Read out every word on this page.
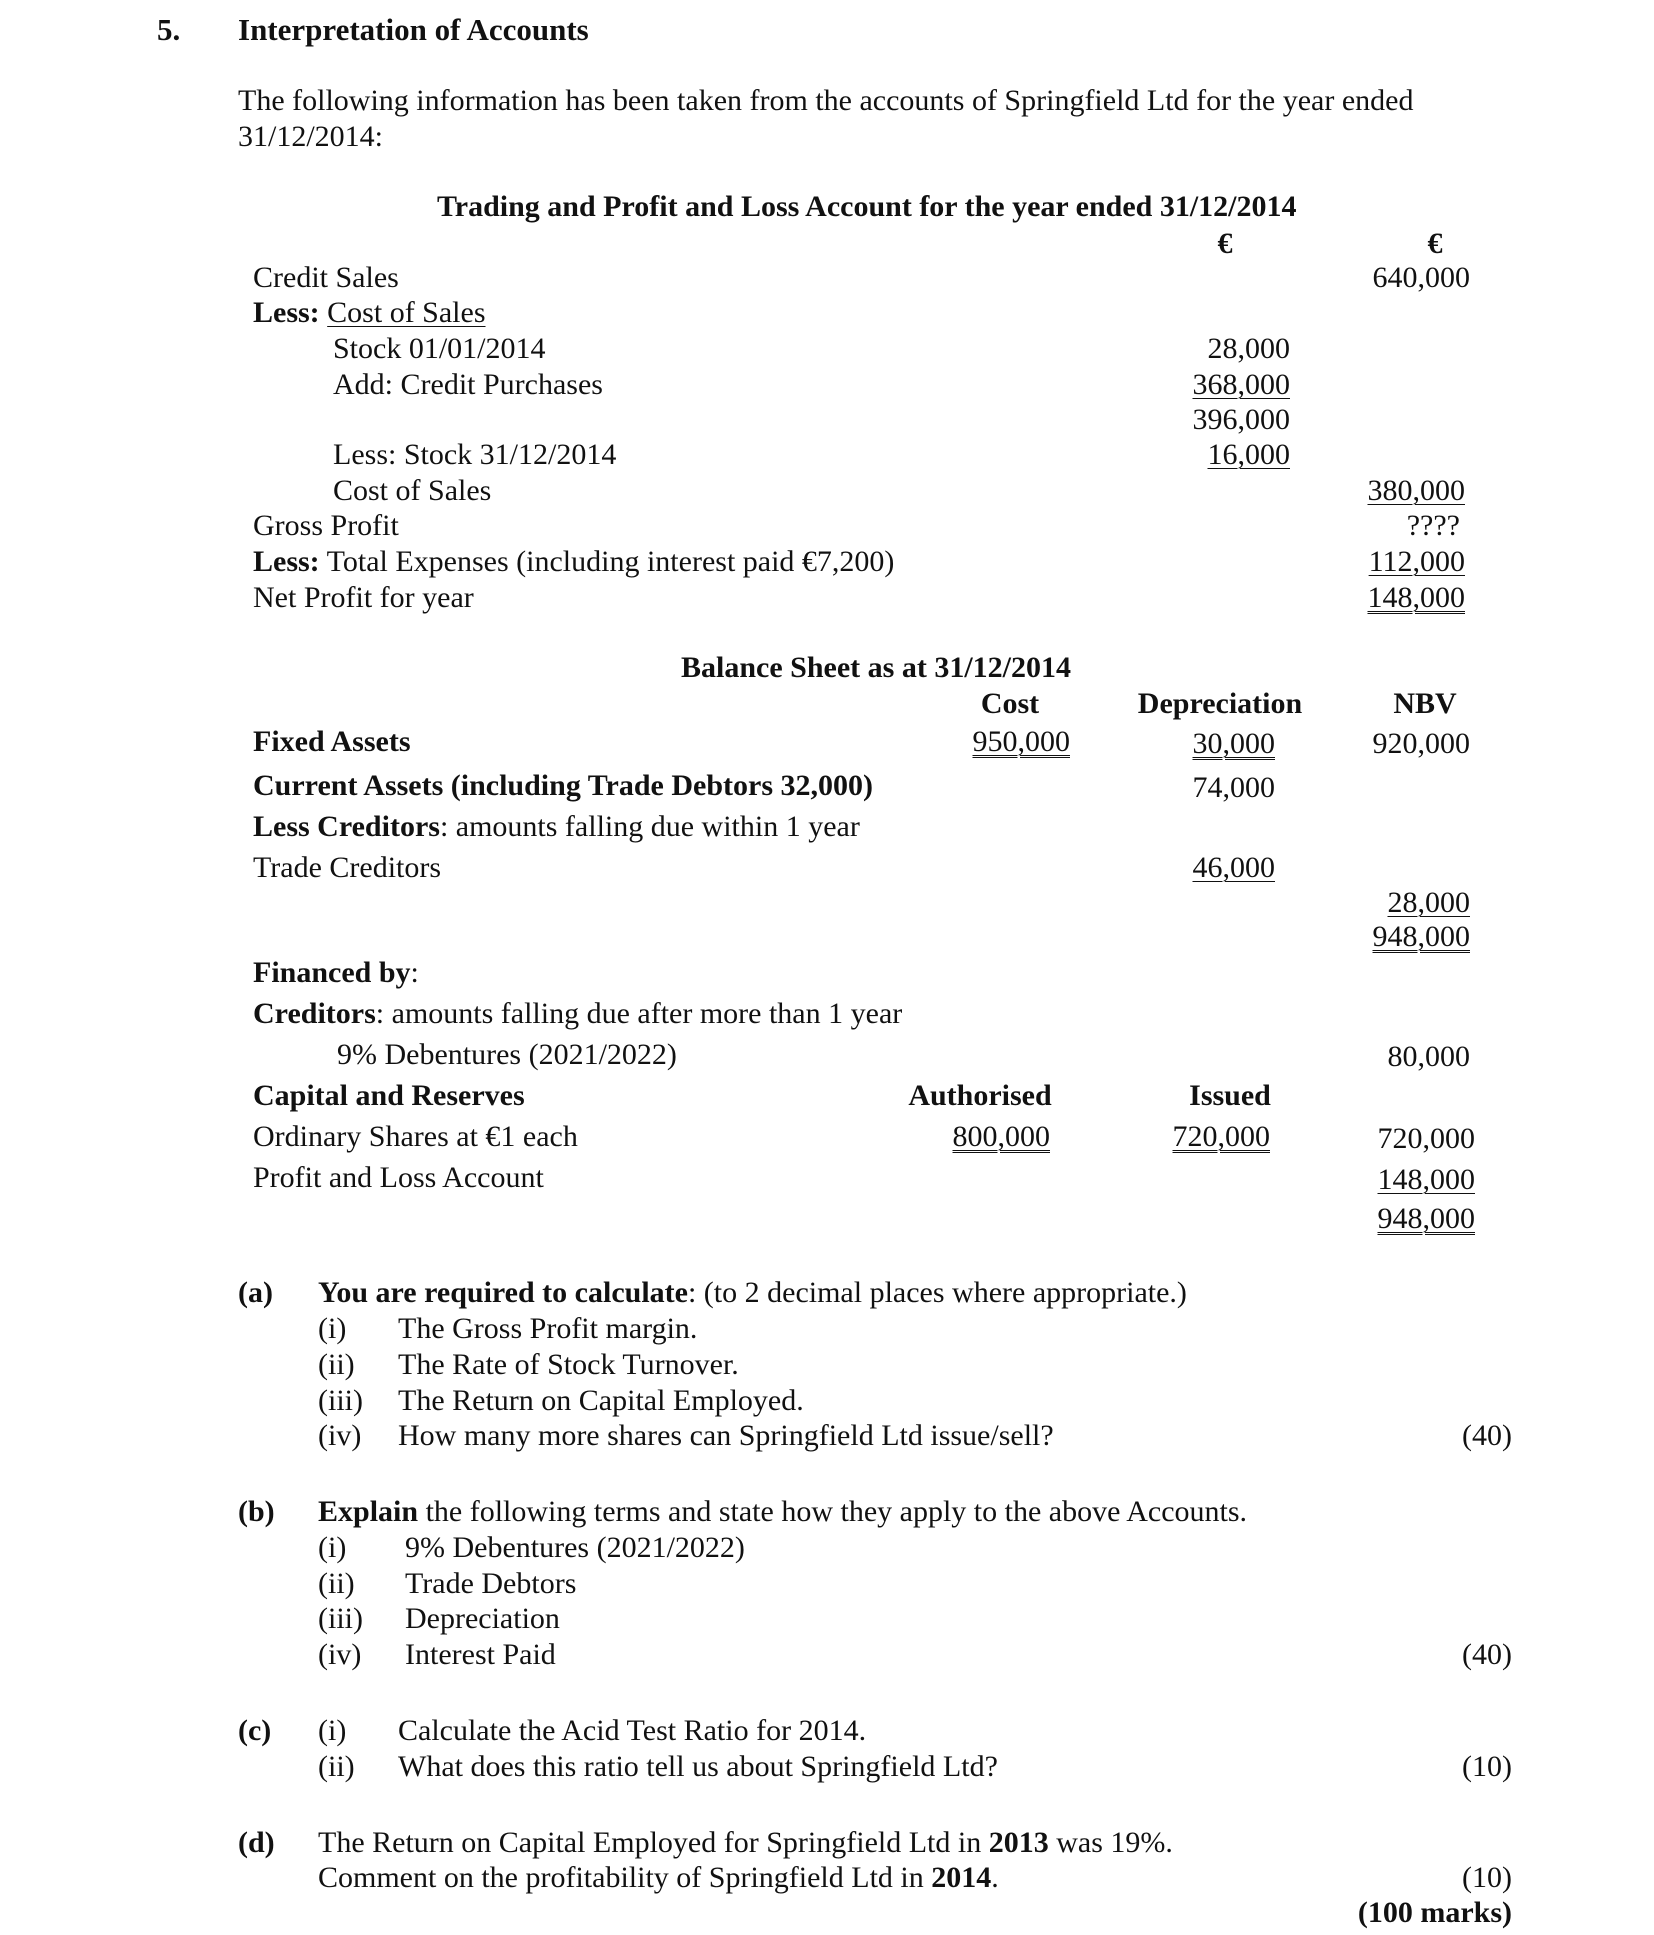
5. Interpretation of Accounts
The following information has been taken from the accounts of Springfield Ltd for the year ended
31/12/2014:
Trading and Profit and Loss Account for the year ended 31/12/2014
€	€
Credit Sales	640,000
Less: Cost of Sales
Stock 01/01/2014	28,000
Add: Credit Purchases	368,000
396,000
Less: Stock 31/12/2014	16,000
Cost of Sales	380,000
Gross Profit	????
Less: Total Expenses (including interest paid €7,200)	112,000
Net Profit for year	148,000
Balance Sheet as at 31/12/2014
Cost	Depreciation	NBV
Fixed Assets	950,000	30,000	920,000
Current Assets (including Trade Debtors 32,000)	74,000
Less Creditors: amounts falling due within 1 year
Trade Creditors	46,000
28,000
948,000
Financed by:
Creditors: amounts falling due after more than 1 year
9% Debentures (2021/2022)	80,000
Capital and Reserves	Authorised	Issued
Ordinary Shares at €1 each	800,000	720,000	720,000
Profit and Loss Account	148,000
948,000
(a) You are required to calculate: (to 2 decimal places where appropriate.)
(i) The Gross Profit margin.
(ii) The Rate of Stock Turnover.
(iii) The Return on Capital Employed.
(iv) How many more shares can Springfield Ltd issue/sell?	(40)
(b) Explain the following terms and state how they apply to the above Accounts.
(i) 9% Debentures (2021/2022)
(ii) Trade Debtors
(iii) Depreciation
(iv) Interest Paid	(40)
(c) (i) Calculate the Acid Test Ratio for 2014.
(ii) What does this ratio tell us about Springfield Ltd?	(10)
(d) The Return on Capital Employed for Springfield Ltd in 2013 was 19%.
Comment on the profitability of Springfield Ltd in 2014.	(10)
(100 marks)
